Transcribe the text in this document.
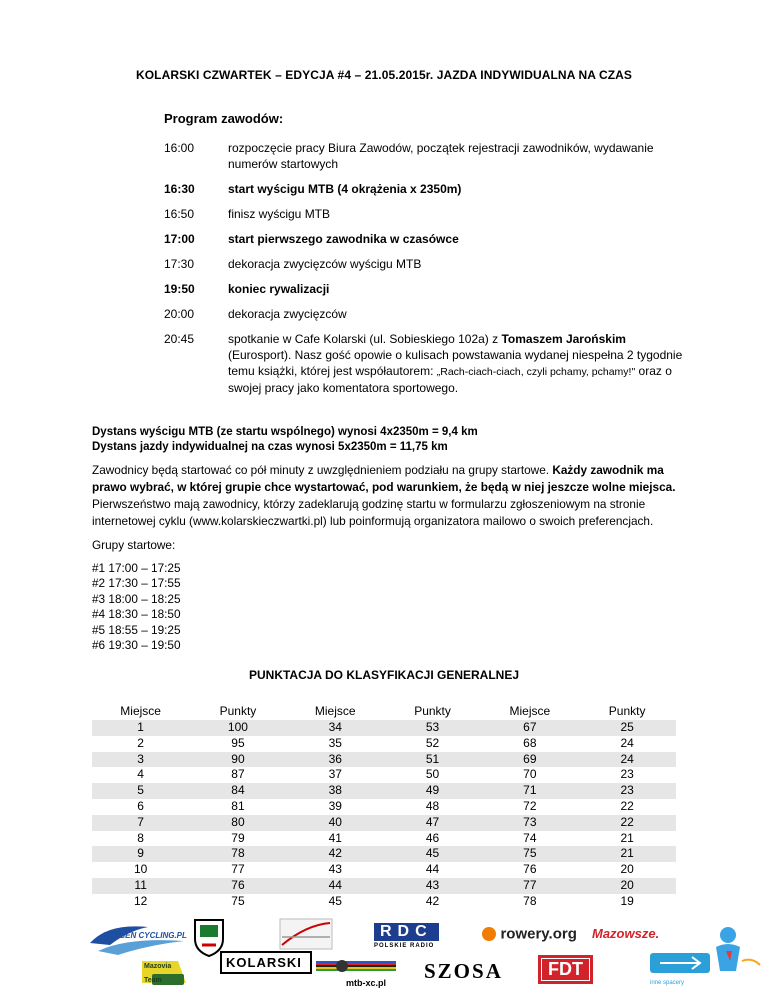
KOLARSKI CZWARTEK – EDYCJA #4 – 21.05.2015r. JAZDA INDYWIDUALNA NA CZAS
Program zawodów:
16:00	rozpoczęcie pracy Biura Zawodów, początek rejestracji zawodników, wydawanie numerów startowych
16:30	start wyścigu MTB (4 okrążenia x 2350m)
16:50	finisz wyścigu MTB
17:00	start pierwszego zawodnika w czasówce
17:30	dekoracja zwycięzców wyścigu MTB
19:50	koniec rywalizacji
20:00	dekoracja zwycięzców
20:45	spotkanie w Cafe Kolarski (ul. Sobieskiego 102a) z Tomaszem Jarońskim (Eurosport). Nasz gość opowie o kulisach powstawania wydanej niespełna 2 tygodnie temu książki, której jest współautorem: „Rach-ciach-ciach, czyli pchamy, pchamy!" oraz o swojej pracy jako komentatora sportowego.
Dystans wyścigu MTB (ze startu wspólnego) wynosi 4x2350m = 9,4 km
Dystans jazdy indywidualnej na czas wynosi 5x2350m = 11,75 km
Zawodnicy będą startować co pół minuty z uwzględnieniem podziału na grupy startowe. Każdy zawodnik ma prawo wybrać, w której grupie chce wystartować, pod warunkiem, że będą w niej jeszcze wolne miejsca. Pierwszeństwo mają zawodnicy, którzy zadeklarują godzinę startu w formularzu zgłoszeniowym na stronie internetowej cyklu (www.kolarskieczwartki.pl) lub poinformują organizatora mailowo o swoich preferencjach.
Grupy startowe:
#1 17:00 – 17:25
#2 17:30 – 17:55
#3 18:00 – 18:25
#4 18:30 – 18:50
#5 18:55 – 19:25
#6 19:30 – 19:50
PUNKTACJA DO KLASYFIKACJI GENERALNEJ
Miejsce	Punkty	Miejsce	Punkty	Miejsce	Punkty
1	100	34	53	67	25
2	95	35	52	68	24
3	90	36	51	69	24
4	87	37	50	70	23
5	84	38	49	71	23
6	81	39	48	72	22
7	80	40	47	73	22
8	79	41	46	74	21
9	78	42	45	75	21
10	77	43	44	76	20
11	76	44	43	77	20
12	75	45	42	78	19
OXYGEN CYCLING.PL	RDC
POLSKIE RADIO
rowery.org Mazowsze.
Mazovia Team
KOLARSKI
mtb-xc.pl	SZOSA	FDT
inne spacery
